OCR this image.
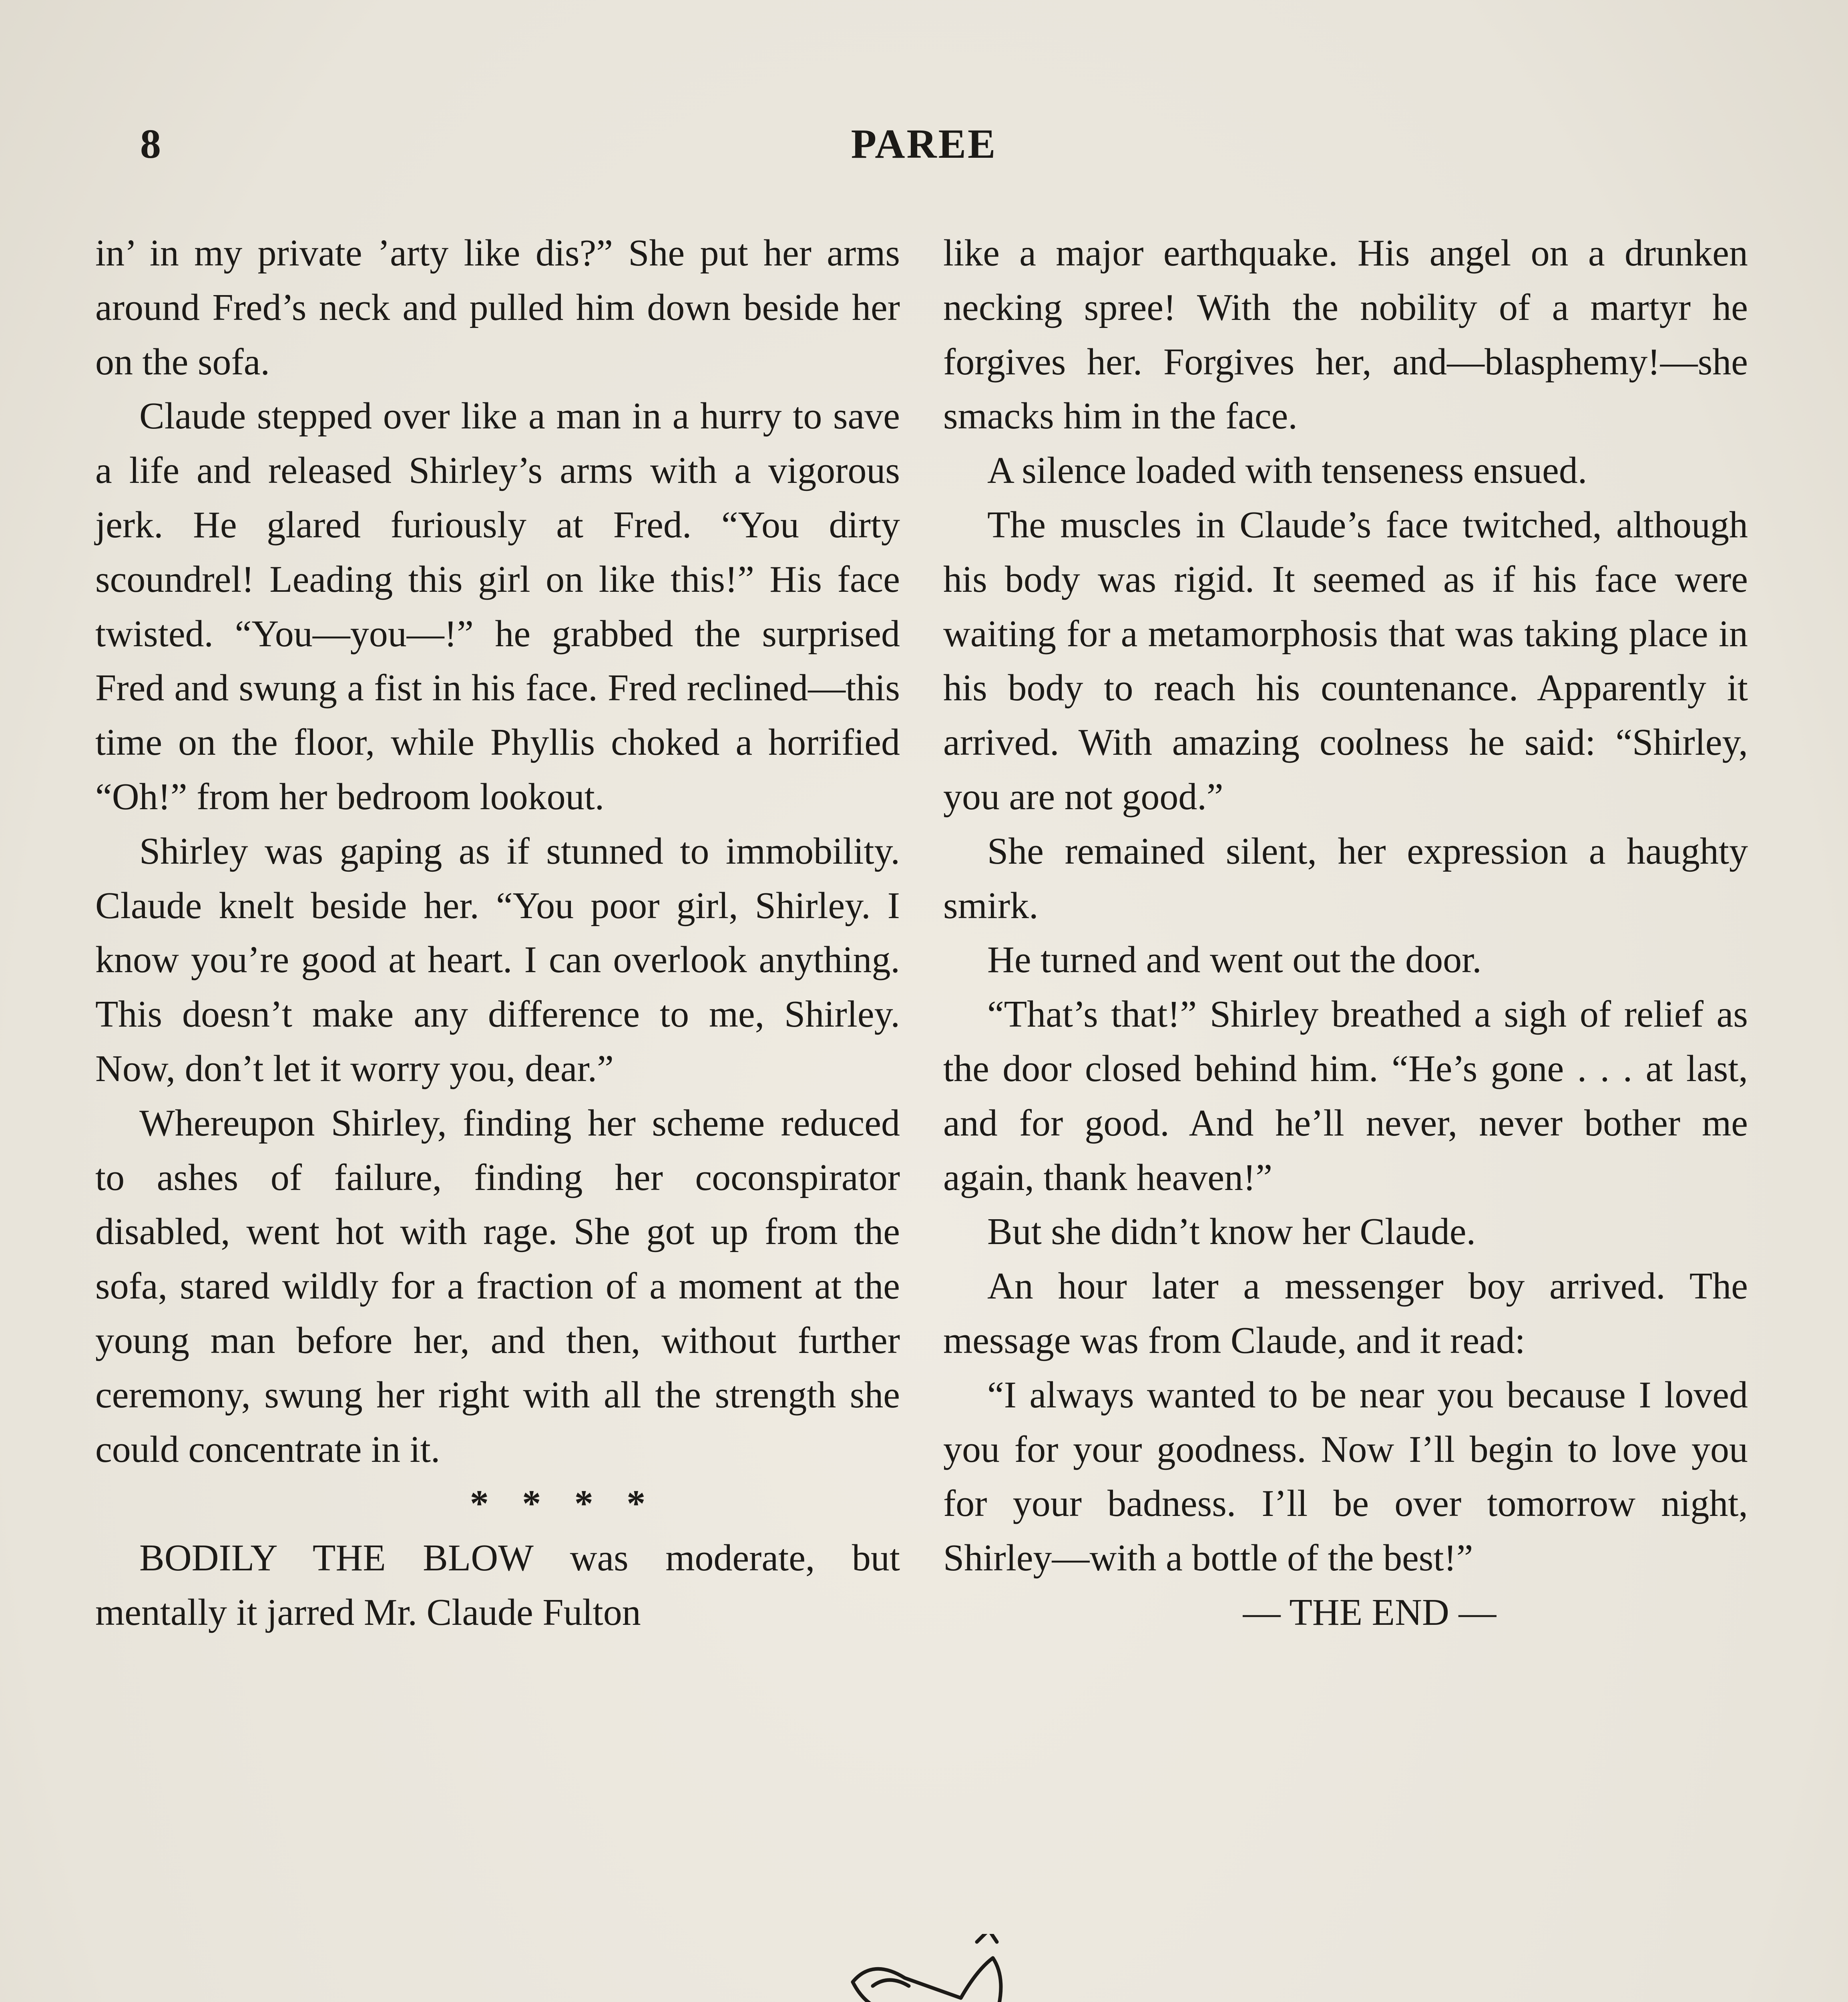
8	PAREE

in’ in my private ’arty like dis?” She put her arms around Fred’s neck and pulled him down beside her on the sofa.

Claude stepped over like a man in a hurry to save a life and released Shirley’s arms with a vigorous jerk. He glared furiously at Fred. “You dirty scoundrel! Leading this girl on like this!” His face twisted. “You—you—!” he grabbed the surprised Fred and swung a fist in his face. Fred reclined—this time on the floor, while Phyllis choked a horrified “Oh!” from her bedroom lookout.

Shirley was gaping as if stunned to immobility. Claude knelt beside her. “You poor girl, Shirley. I know you’re good at heart. I can overlook anything. This doesn’t make any difference to me, Shirley. Now, don’t let it worry you, dear.”

Whereupon Shirley, finding her scheme reduced to ashes of failure, finding her coconspirator disabled, went hot with rage. She got up from the sofa, stared wildly for a fraction of a moment at the young man before her, and then, without further ceremony, swung her right with all the strength she could concentrate in it.

* * * *

BODILY THE BLOW was moderate, but mentally it jarred Mr. Claude Fulton

like a major earthquake. His angel on a drunken necking spree! With the nobility of a martyr he forgives her. Forgives her, and—blasphemy!—she smacks him in the face.

A silence loaded with tenseness ensued.

The muscles in Claude’s face twitched, although his body was rigid. It seemed as if his face were waiting for a metamorphosis that was taking place in his body to reach his countenance. Apparently it arrived. With amazing coolness he said: “Shirley, you are not good.”

She remained silent, her expression a haughty smirk.

He turned and went out the door.

“That’s that!” Shirley breathed a sigh of relief as the door closed behind him. “He’s gone . . . at last, and for good. And he’ll never, never bother me again, thank heaven!”

But she didn’t know her Claude.

An hour later a messenger boy arrived. The message was from Claude, and it read:

“I always wanted to be near you because I loved you for your goodness. Now I’ll begin to love you for your badness. I’ll be over tomorrow night, Shirley—with a bottle of the best!”

— THE END —
